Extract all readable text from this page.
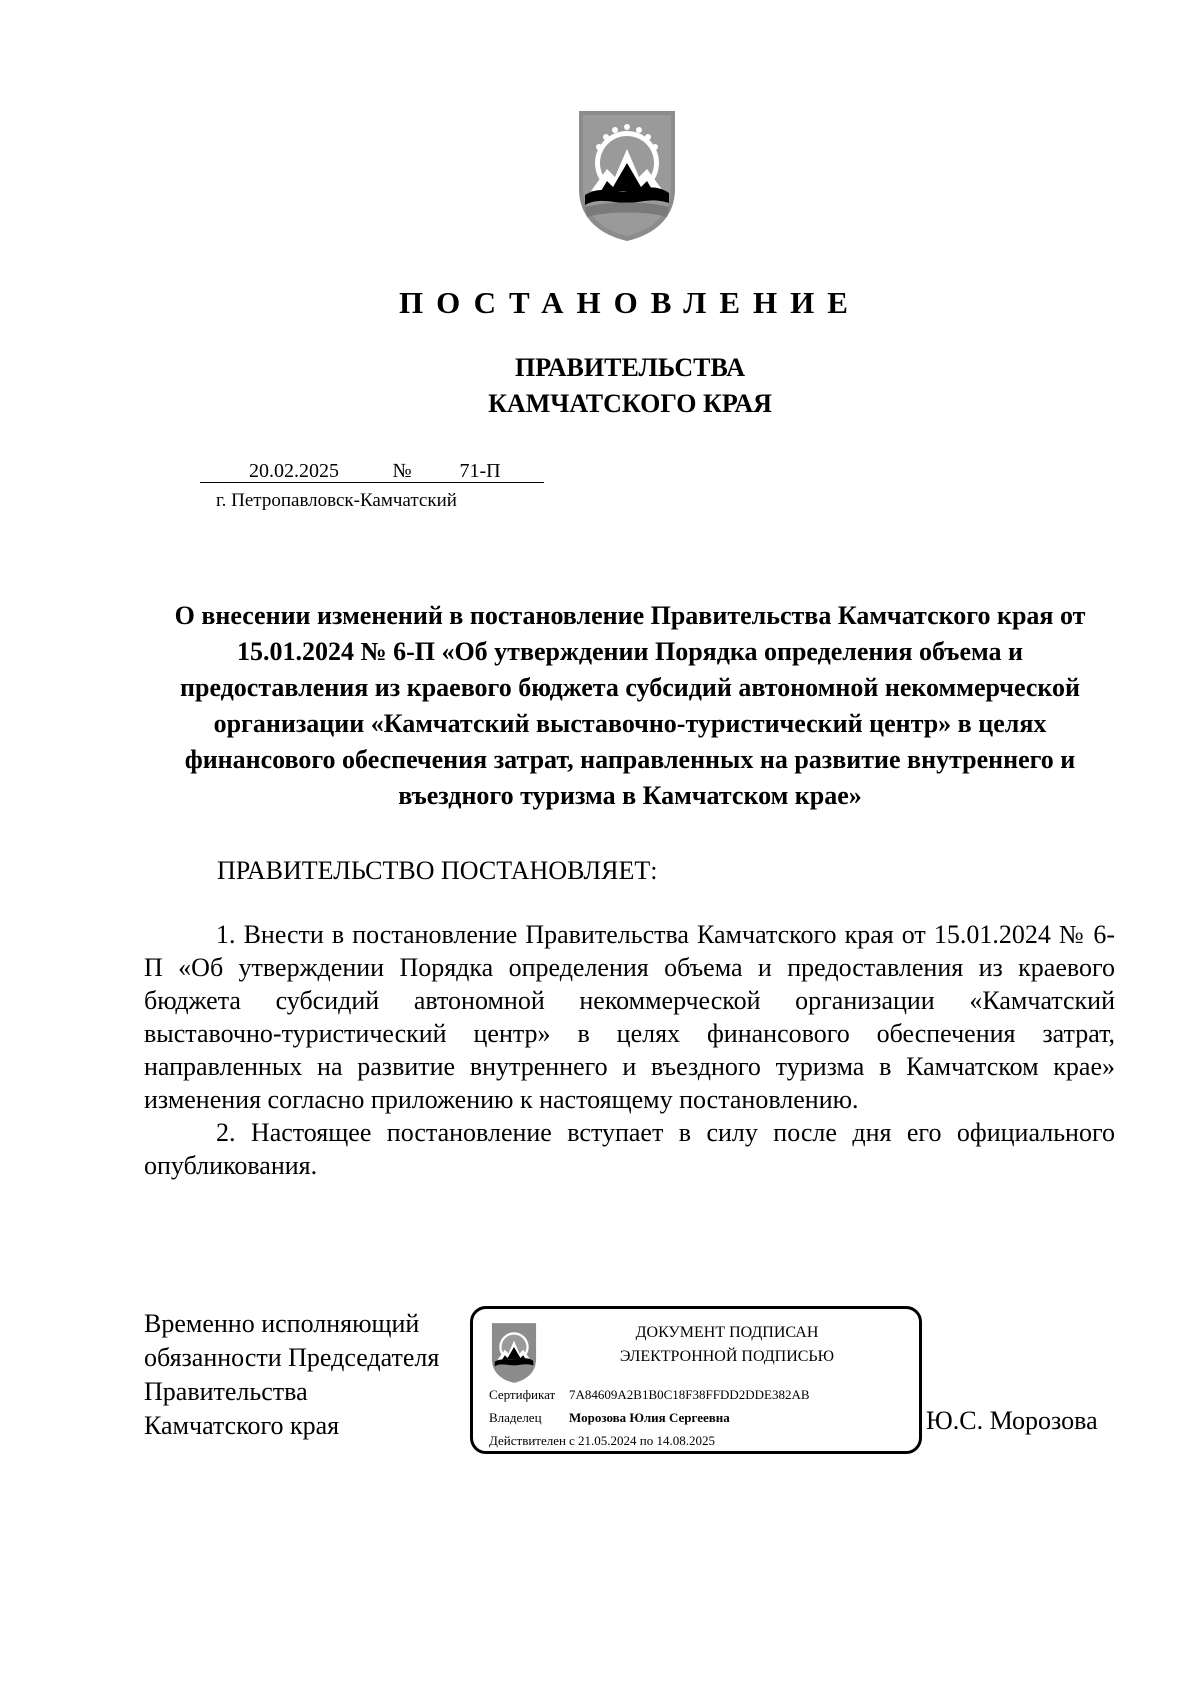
ПОСТАНОВЛЕНИЕ
ПРАВИТЕЛЬСТВА
КАМЧАТСКОГО КРАЯ
20.02.2025	№ 71-П
г. Петропавловск-Камчатский

О внесении изменений в постановление Правительства Камчатского края от 15.01.2024 № 6-П «Об утверждении Порядка определения объема и предоставления из краевого бюджета субсидий автономной некоммерческой организации «Камчатский выставочно-туристический центр» в целях финансового обеспечения затрат, направленных на развитие внутреннего и въездного туризма в Камчатском крае»

ПРАВИТЕЛЬСТВО ПОСТАНОВЛЯЕТ:

1. Внести в постановление Правительства Камчатского края от 15.01.2024 № 6-П «Об утверждении Порядка определения объема и предоставления из краевого бюджета субсидий автономной некоммерческой организации «Камчатский выставочно-туристический центр» в целях финансового обеспечения затрат, направленных на развитие внутреннего и въездного туризма в Камчатском крае» изменения согласно приложению к настоящему постановлению.

2. Настоящее постановление вступает в силу после дня его официального опубликования.

Временно исполняющий
обязанности Председателя
Правительства
Камчатского края
ДОКУМЕНТ ПОДПИСАН
ЭЛЕКТРОННОЙ ПОДПИСЬЮ
Сертификат 7A84609A2B1B0C18F38FFDD2DDE382AB
Владелец Морозова Юлия Сергеевна
Действителен с 21.05.2024 по 14.08.2025
Ю.С. Морозова
